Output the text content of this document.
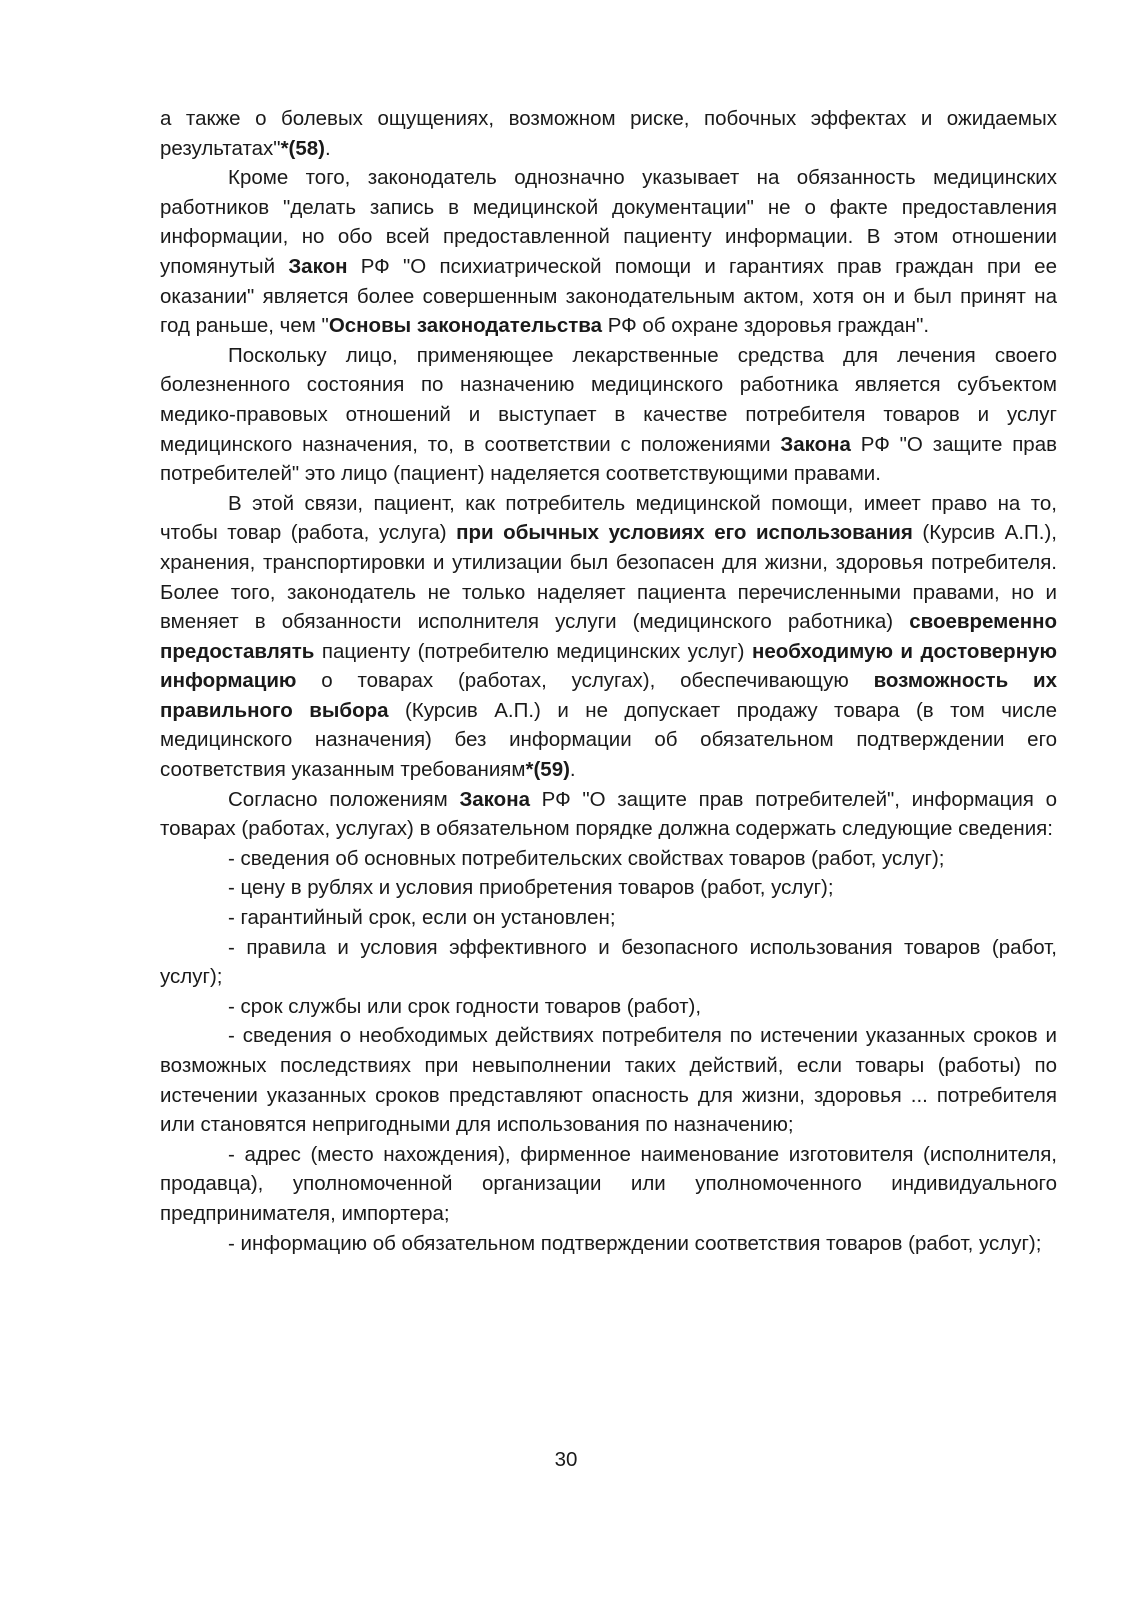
а также о болевых ощущениях, возможном риске, побочных эффектах и ожидаемых результатах"*(58).

Кроме того, законодатель однозначно указывает на обязанность медицинских работников "делать запись в медицинской документации" не о факте предоставления информации, но обо всей предоставленной пациенту информации. В этом отношении упомянутый Закон РФ "О психиатрической помощи и гарантиях прав граждан при ее оказании" является более совершенным законодательным актом, хотя он и был принят на год раньше, чем "Основы законодательства РФ об охране здоровья граждан".

Поскольку лицо, применяющее лекарственные средства для лечения своего болезненного состояния по назначению медицинского работника является субъектом медико-правовых отношений и выступает в качестве потребителя товаров и услуг медицинского назначения, то, в соответствии с положениями Закона РФ "О защите прав потребителей" это лицо (пациент) наделяется соответствующими правами.

В этой связи, пациент, как потребитель медицинской помощи, имеет право на то, чтобы товар (работа, услуга) при обычных условиях его использования (Курсив А.П.), хранения, транспортировки и утилизации был безопасен для жизни, здоровья потребителя. Более того, законодатель не только наделяет пациента перечисленными правами, но и вменяет в обязанности исполнителя услуги (медицинского работника) своевременно предоставлять пациенту (потребителю медицинских услуг) необходимую и достоверную информацию о товарах (работах, услугах), обеспечивающую возможность их правильного выбора (Курсив А.П.) и не допускает продажу товара (в том числе медицинского назначения) без информации об обязательном подтверждении его соответствия указанным требованиям*(59).

Согласно положениям Закона РФ "О защите прав потребителей", информация о товарах (работах, услугах) в обязательном порядке должна содержать следующие сведения:

- сведения об основных потребительских свойствах товаров (работ, услуг);

- цену в рублях и условия приобретения товаров (работ, услуг);

- гарантийный срок, если он установлен;

- правила и условия эффективного и безопасного использования товаров (работ, услуг);

- срок службы или срок годности товаров (работ),

- сведения о необходимых действиях потребителя по истечении указанных сроков и возможных последствиях при невыполнении таких действий, если товары (работы) по истечении указанных сроков представляют опасность для жизни, здоровья ... потребителя или становятся непригодными для использования по назначению;

- адрес (место нахождения), фирменное наименование изготовителя (исполнителя, продавца), уполномоченной организации или уполномоченного индивидуального предпринимателя, импортера;

- информацию об обязательном подтверждении соответствия товаров (работ, услуг);

30
